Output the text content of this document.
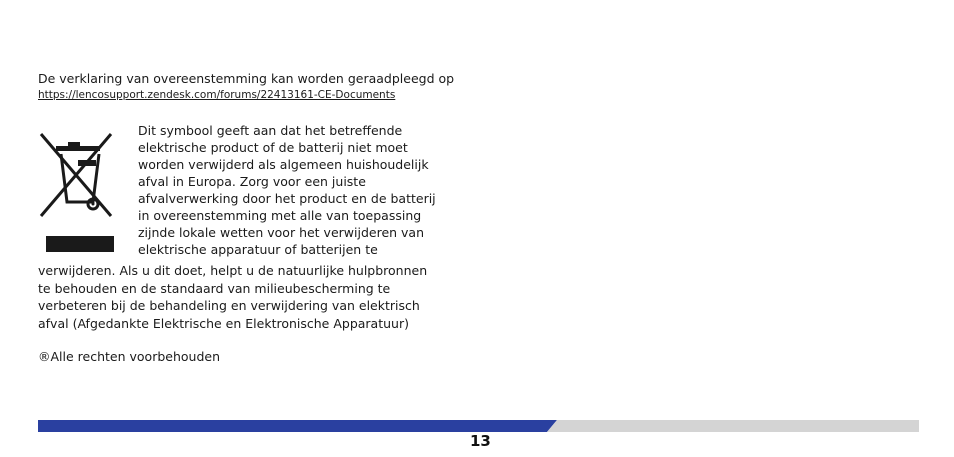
De verklaring van overeenstemming kan worden geraadpleegd op
https://lencosupport.zendesk.com/forums/22413161-CE-Documents

Dit symbool geeft aan dat het betreffende

elektrische product of de batterij niet moet

worden verwijderd als algemeen huishoudelijk

afval in Europa. Zorg voor een juiste

afvalverwerking door het product en de batterij

in overeenstemming met alle van toepassing

zijnde lokale wetten voor het verwijderen van

elektrische apparatuur of batterijen te

verwijderen. Als u dit doet, helpt u de natuurlijke hulpbronnen

te behouden en de standaard van milieubescherming te

verbeteren bij de behandeling en verwijdering van elektrisch

afval (Afgedankte Elektrische en Elektronische Apparatuur)

®Alle rechten voorbehouden
13
